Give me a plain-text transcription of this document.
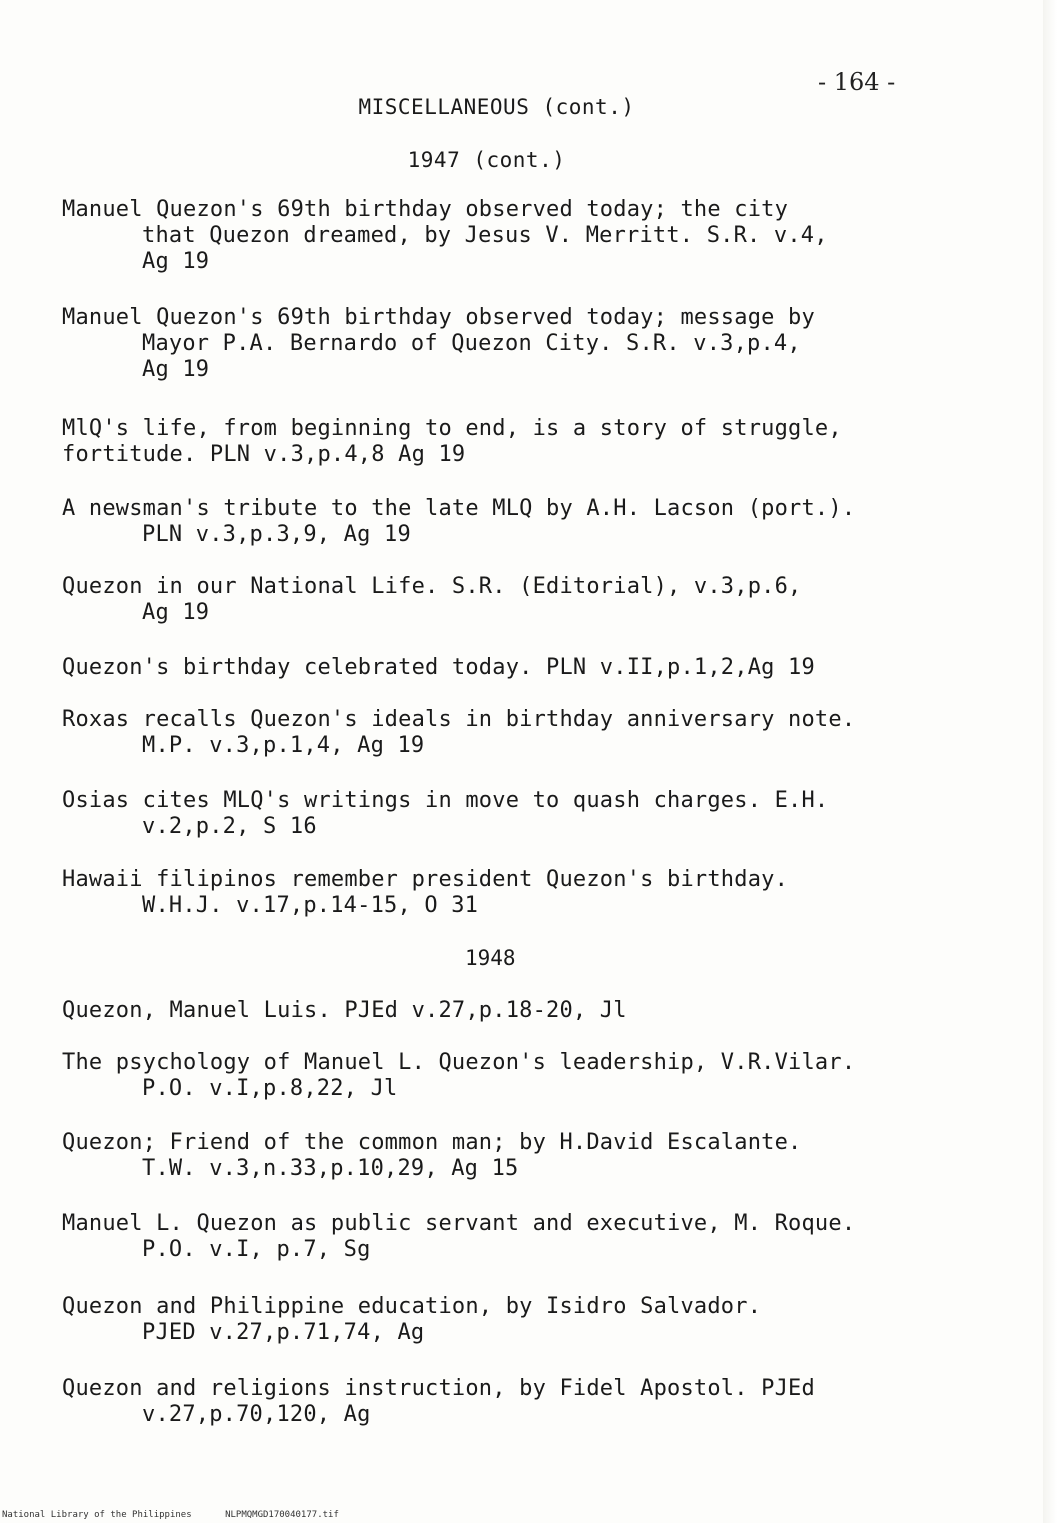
- 164 -
MISCELLANEOUS (cont.)
1947 (cont.)
Manuel Quezon's 69th birthday observed today; the city
that Quezon dreamed, by Jesus V. Merritt. S.R. v.4,
Ag 19
Manuel Quezon's 69th birthday observed today; message by
Mayor P.A. Bernardo of Quezon City. S.R. v.3,p.4,
Ag 19
MlQ's life, from beginning to end, is a story of struggle,
fortitude. PLN v.3,p.4,8 Ag 19
A newsman's tribute to the late MLQ by A.H. Lacson (port.).
PLN v.3,p.3,9, Ag 19
Quezon in our National Life. S.R. (Editorial), v.3,p.6,
Ag 19
Quezon's birthday celebrated today. PLN v.II,p.1,2,Ag 19
Roxas recalls Quezon's ideals in birthday anniversary note.
M.P. v.3,p.1,4, Ag 19
Osias cites MLQ's writings in move to quash charges. E.H.
v.2,p.2, S 16
Hawaii filipinos remember president Quezon's birthday.
W.H.J. v.17,p.14-15, O 31
1948
Quezon, Manuel Luis. PJEd v.27,p.18-20, Jl
The psychology of Manuel L. Quezon's leadership, V.R.Vilar.
P.O. v.I,p.8,22, Jl
Quezon; Friend of the common man; by H.David Escalante.
T.W. v.3,n.33,p.10,29, Ag 15
Manuel L. Quezon as public servant and executive, M. Roque.
P.O. v.I, p.7, Sg
Quezon and Philippine education, by Isidro Salvador.
PJED v.27,p.71,74, Ag
Quezon and religions instruction, by Fidel Apostol. PJEd
v.27,p.70,120, Ag
National Library of the Philippines	NLPMQMGD170040177.tif
